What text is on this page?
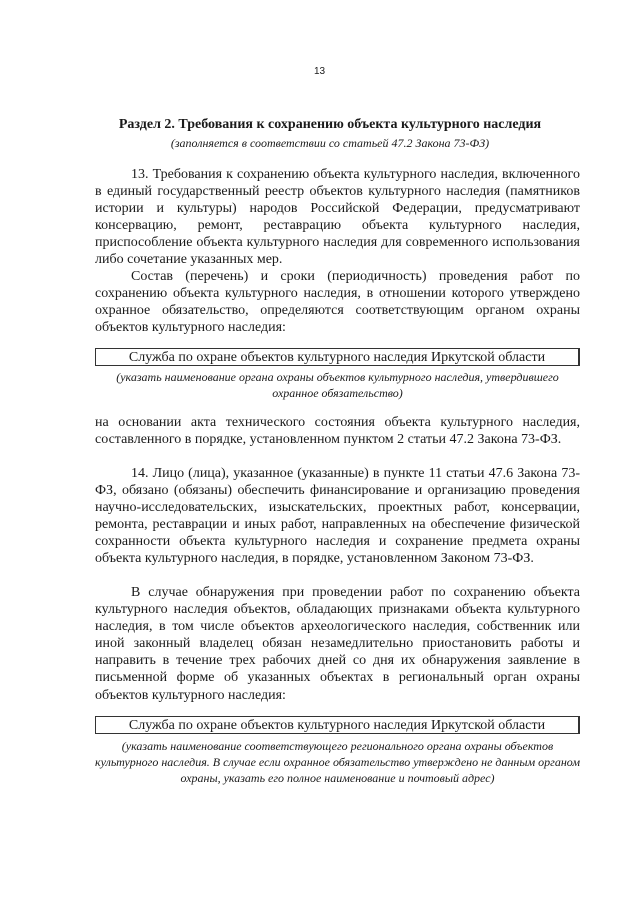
13
Раздел 2. Требования к сохранению объекта культурного наследия
(заполняется в соответствии со статьей 47.2 Закона 73-ФЗ)

13. Требования к сохранению объекта культурного наследия, включенного в единый государственный реестр объектов культурного наследия (памятников истории и культуры) народов Российской Федерации, предусматривают консервацию, ремонт, реставрацию объекта культурного наследия, приспособление объекта культурного наследия для современного использования либо сочетание указанных мер.

Состав (перечень) и сроки (периодичность) проведения работ по сохранению объекта культурного наследия, в отношении которого утверждено охранное обязательство, определяются соответствующим органом охраны объектов культурного наследия:

Служба по охране объектов культурного наследия Иркутской области

(указать наименование органа охраны объектов культурного наследия, утвердившего охранное обязательство)

на основании акта технического состояния объекта культурного наследия, составленного в порядке, установленном пунктом 2 статьи 47.2 Закона 73-ФЗ.

14. Лицо (лица), указанное (указанные) в пункте 11 статьи 47.6 Закона 73-ФЗ, обязано (обязаны) обеспечить финансирование и организацию проведения научно-исследовательских, изыскательских, проектных работ, консервации, ремонта, реставрации и иных работ, направленных на обеспечение физической сохранности объекта культурного наследия и сохранение предмета охраны объекта культурного наследия, в порядке, установленном Законом 73-ФЗ.

В случае обнаружения при проведении работ по сохранению объекта культурного наследия объектов, обладающих признаками объекта культурного наследия, в том числе объектов археологического наследия, собственник или иной законный владелец обязан незамедлительно приостановить работы и направить в течение трех рабочих дней со дня их обнаружения заявление в письменной форме об указанных объектах в региональный орган охраны объектов культурного наследия:

Служба по охране объектов культурного наследия Иркутской области

(указать наименование соответствующего регионального органа охраны объектов культурного наследия. В случае если охранное обязательство утверждено не данным органом охраны, указать его полное наименование и почтовый адрес)
